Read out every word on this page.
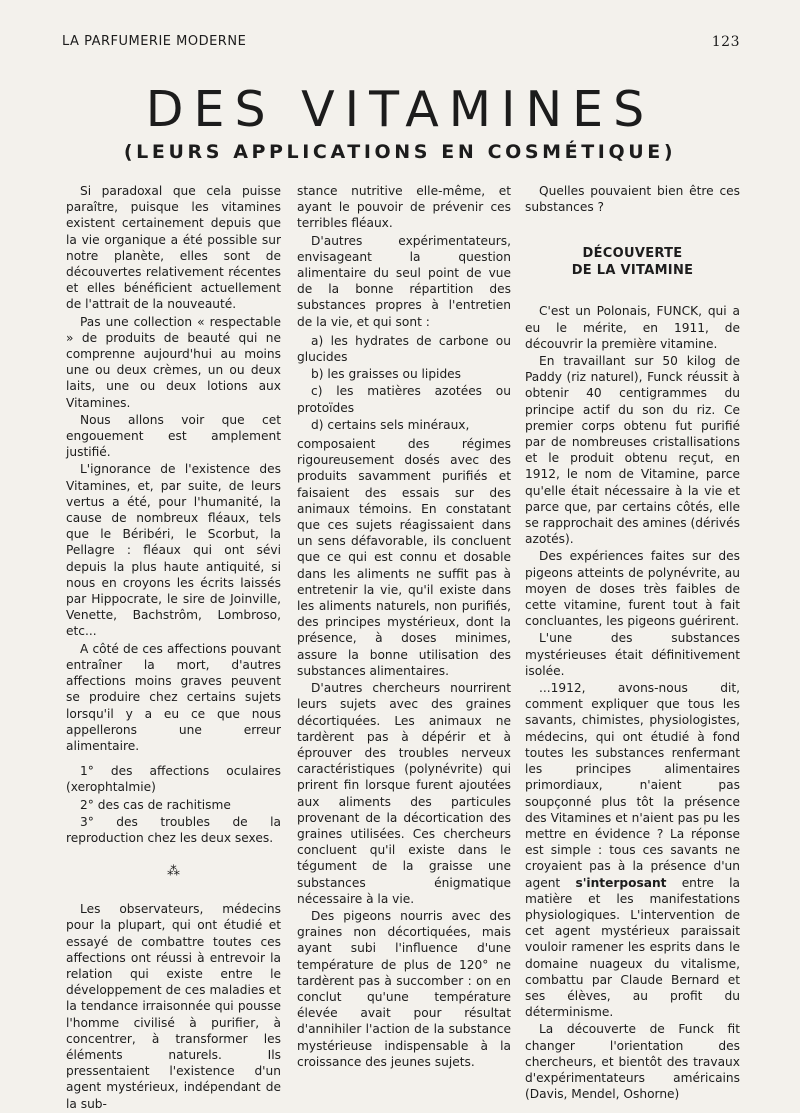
LA PARFUMERIE MODERNE	123
DES VITAMINES
(LEURS APPLICATIONS EN COSMÉTIQUE)

Si paradoxal que cela puisse paraître, puisque les vitamines existent certainement depuis que la vie organique a été possible sur notre planète, elles sont de découvertes relativement récentes et elles bénéficient actuellement de l'attrait de la nouveauté.

Pas une collection « respectable » de produits de beauté qui ne comprenne aujourd'hui au moins une ou deux crèmes, un ou deux laits, une ou deux lotions aux Vitamines.

Nous allons voir que cet engouement est amplement justifié.

L'ignorance de l'existence des Vitamines, et, par suite, de leurs vertus a été, pour l'humanité, la cause de nombreux fléaux, tels que le Béribéri, le Scorbut, la Pellagre : fléaux qui ont sévi depuis la plus haute antiquité, si nous en croyons les écrits laissés par Hippocrate, le sire de Joinville, Venette, Bachstrôm, Lombroso, etc...

A côté de ces affections pouvant entraîner la mort, d'autres affections moins graves peuvent se produire chez certains sujets lorsqu'il y a eu ce que nous appellerons une erreur alimentaire.

1° des affections oculaires (xerophtalmie)

2° des cas de rachitisme

3° des troubles de la reproduction chez les deux sexes.

⁂

Les observateurs, médecins pour la plupart, qui ont étudié et essayé de combattre toutes ces affections ont réussi à entrevoir la relation qui existe entre le développement de ces maladies et la tendance irraisonnée qui pousse l'homme civilisé à purifier, à concentrer, à transformer les éléments naturels. Ils pressentaient l'existence d'un agent mystérieux, indépendant de la sub-

stance nutritive elle-même, et ayant le pouvoir de prévenir ces terribles fléaux.

D'autres expérimentateurs, envisageant la question alimentaire du seul point de vue de la bonne répartition des substances propres à l'entretien de la vie, et qui sont :

a) les hydrates de carbone ou glucides

b) les graisses ou lipides

c) les matières azotées ou protoïdes

d) certains sels minéraux,

composaient des régimes rigoureusement dosés avec des produits savamment purifiés et faisaient des essais sur des animaux témoins. En constatant que ces sujets réagissaient dans un sens défavorable, ils concluent que ce qui est connu et dosable dans les aliments ne suffit pas à entretenir la vie, qu'il existe dans les aliments naturels, non purifiés, des principes mystérieux, dont la présence, à doses minimes, assure la bonne utilisation des substances alimentaires.

D'autres chercheurs nourrirent leurs sujets avec des graines décortiquées. Les animaux ne tardèrent pas à dépérir et à éprouver des troubles nerveux caractéristiques (polynévrite) qui prirent fin lorsque furent ajoutées aux aliments des particules provenant de la décortication des graines utilisées. Ces chercheurs concluent qu'il existe dans le tégument de la graisse une substances énigmatique nécessaire à la vie.

Des pigeons nourris avec des graines non décortiquées, mais ayant subi l'influence d'une température de plus de 120° ne tardèrent pas à succomber : on en conclut qu'une température élevée avait pour résultat d'annihiler l'action de la substance mystérieuse indispensable à la croissance des jeunes sujets.

Quelles pouvaient bien être ces substances ?

DÉCOUVERTE
DE LA VITAMINE

C'est un Polonais, FUNCK, qui a eu le mérite, en 1911, de découvrir la première vitamine.

En travaillant sur 50 kilog de Paddy (riz naturel), Funck réussit à obtenir 40 centigrammes du principe actif du son du riz. Ce premier corps obtenu fut purifié par de nombreuses cristallisations et le produit obtenu reçut, en 1912, le nom de Vitamine, parce qu'elle était nécessaire à la vie et parce que, par certains côtés, elle se rapprochait des amines (dérivés azotés).

Des expériences faites sur des pigeons atteints de polynévrite, au moyen de doses très faibles de cette vitamine, furent tout à fait concluantes, les pigeons guérirent.

L'une des substances mystérieuses était définitivement isolée.

...1912, avons-nous dit, comment expliquer que tous les savants, chimistes, physiologistes, médecins, qui ont étudié à fond toutes les substances renfermant les principes alimentaires primordiaux, n'aient pas soupçonné plus tôt la présence des Vitamines et n'aient pas pu les mettre en évidence ? La réponse est simple : tous ces savants ne croyaient pas à la présence d'un agent s'interposant entre la matière et les manifestations physiologiques. L'intervention de cet agent mystérieux paraissait vouloir ramener les esprits dans le domaine nuageux du vitalisme, combattu par Claude Bernard et ses élèves, au profit du déterminisme.

La découverte de Funck fit changer l'orientation des chercheurs, et bientôt des travaux d'expérimentateurs américains (Davis, Mendel, Oshorne)
